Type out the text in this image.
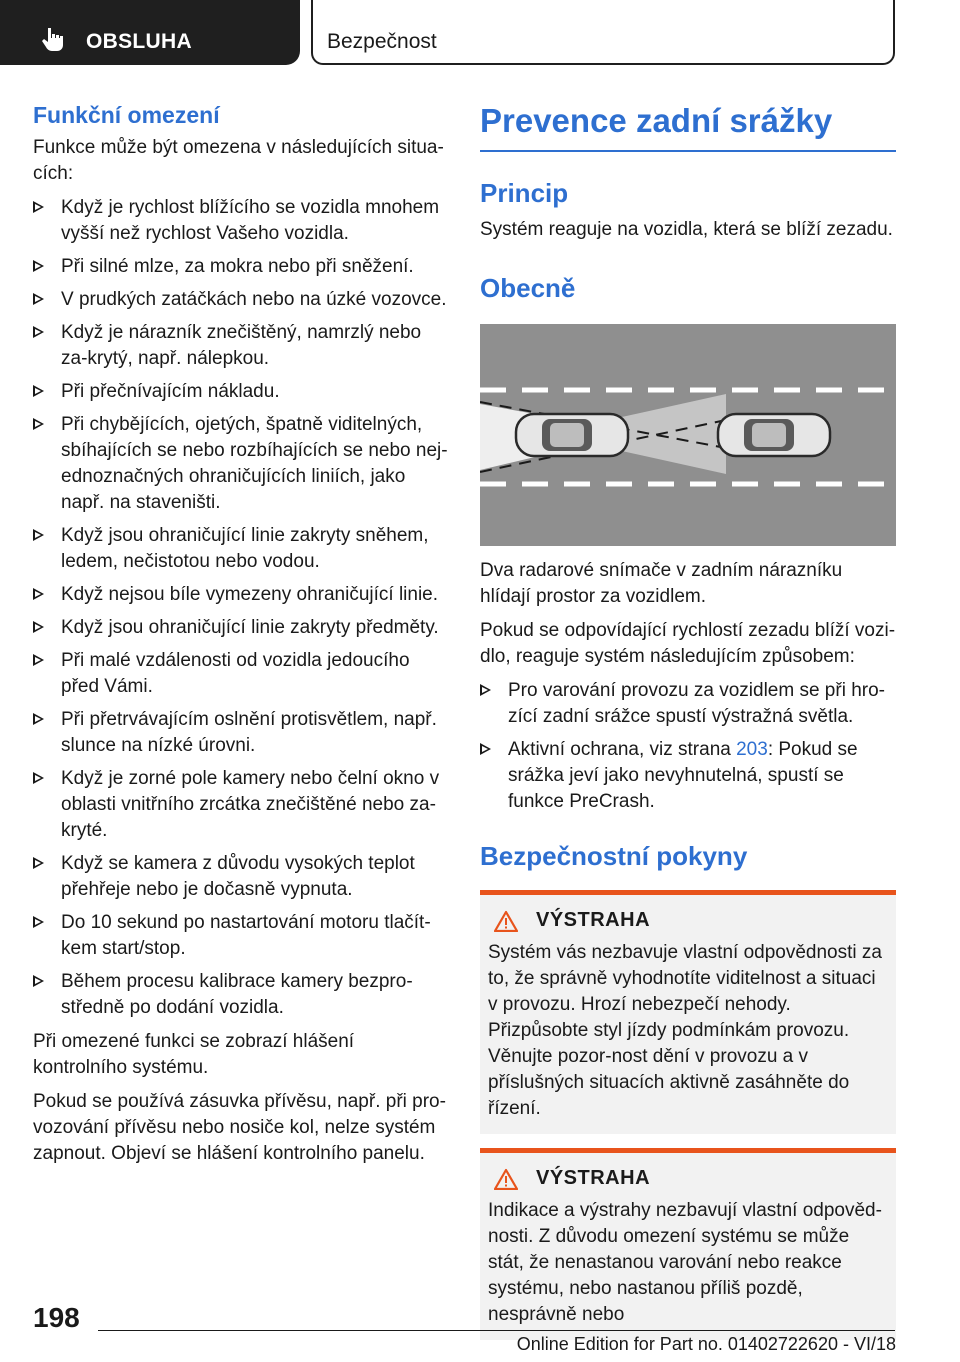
OBSLUHA	Bezpečnost
Funkční omezení

Funkce může být omezena v následujících situa-cích:

Když je rychlost blížícího se vozidla mnohem vyšší než rychlost Vašeho vozidla.
Při silné mlze, za mokra nebo při sněžení.
V prudkých zatáčkách nebo na úzké vozovce.
Když je nárazník znečištěný, namrzlý nebo za-krytý, např. nálepkou.
Při přečnívajícím nákladu.
Při chybějících, ojetých, špatně viditelných, sbíhajících se nebo rozbíhajících se nebo nej-ednoznačných ohraničujících liniích, jako např. na staveništi.
Když jsou ohraničující linie zakryty sněhem, ledem, nečistotou nebo vodou.
Když nejsou bíle vymezeny ohraničující linie.
Když jsou ohraničující linie zakryty předměty.
Při malé vzdálenosti od vozidla jedoucího před Vámi.
Při přetrvávajícím oslnění protisvětlem, např. slunce na nízké úrovni.
Když je zorné pole kamery nebo čelní okno v oblasti vnitřního zrcátka znečištěné nebo za-kryté.
Když se kamera z důvodu vysokých teplot přehřeje nebo je dočasně vypnuta.
Do 10 sekund po nastartování motoru tlačít-kem start/stop.
Během procesu kalibrace kamery bezpro-středně po dodání vozidla.

Při omezené funkci se zobrazí hlášení kontrolního systému.

Pokud se používá zásuvka přívěsu, např. při pro-vozování přívěsu nebo nosiče kol, nelze systém zapnout. Objeví se hlášení kontrolního panelu.

Prevence zadní srážky
Princip

Systém reaguje na vozidla, která se blíží zezadu.

Obecně

Dva radarové snímače v zadním nárazníku hlídají prostor za vozidlem.

Pokud se odpovídající rychlostí zezadu blíží vozi-dlo, reaguje systém následujícím způsobem:

Pro varování provozu za vozidlem se při hro-zící zadní srážce spustí výstražná světla.
Aktivní ochrana, viz strana 203: Pokud se srážka jeví jako nevyhnutelná, spustí se funkce PreCrash.
Bezpečnostní pokyny
VÝSTRAHA
Systém vás nezbavuje vlastní odpovědnosti za to, že správně vyhodnotíte viditelnost a situaci v provozu. Hrozí nebezpečí nehody. Přizpůsobte styl jízdy podmínkám provozu. Věnujte pozor-nost dění v provozu a v příslušných situacích aktivně zasáhněte do řízení.
VÝSTRAHA
Indikace a výstrahy nezbavují vlastní odpověd-nosti. Z důvodu omezení systému se může stát, že nenastanou varování nebo reakce systému, nebo nastanou příliš pozdě, nesprávně nebo
198
Online Edition for Part no. 01402722620 - VI/18
